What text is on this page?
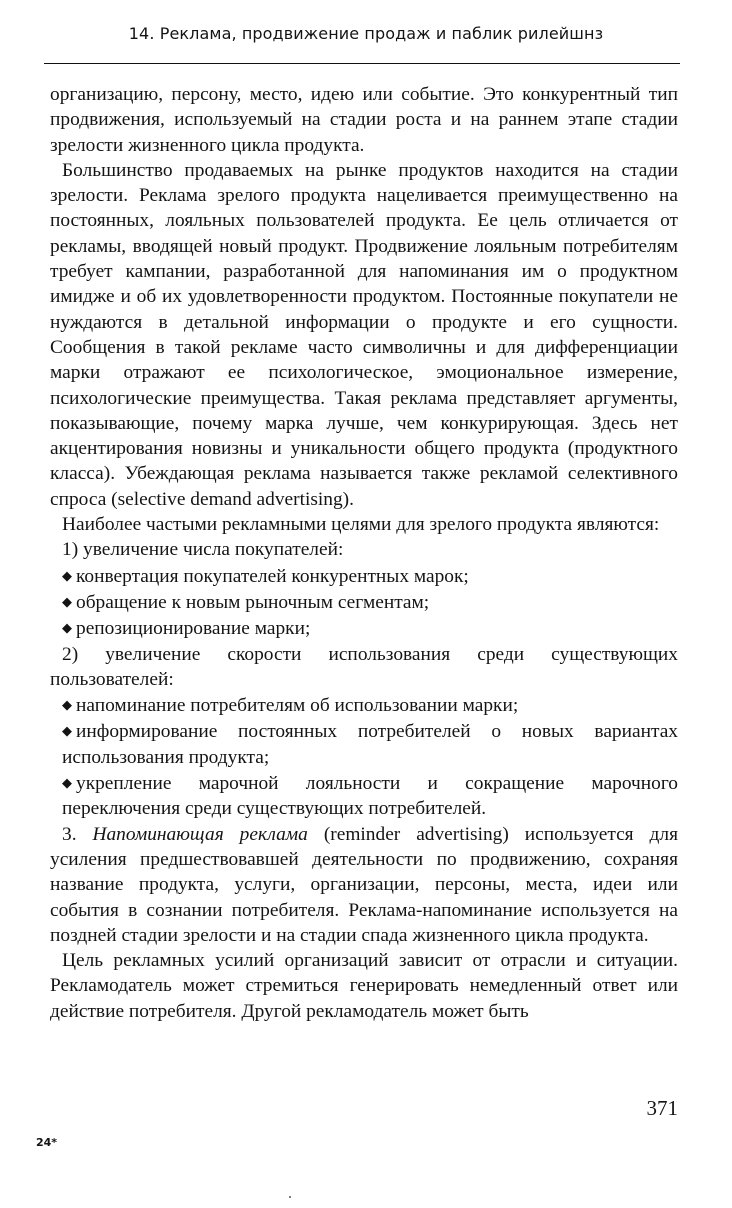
14. Реклама, продвижение продаж и паблик рилейшнз

организацию, персону, место, идею или событие. Это конкурентный тип продвижения, используемый на стадии роста и на раннем этапе стадии зрелости жизненного цикла продукта.

Большинство продаваемых на рынке продуктов находится на стадии зрелости. Реклама зрелого продукта нацеливается преимущественно на постоянных, лояльных пользователей продукта. Ее цель отличается от рекламы, вводящей новый продукт. Продвижение лояльным потребителям требует кампании, разработанной для напоминания им о продуктном имидже и об их удовлетворенности продуктом. Постоянные покупатели не нуждаются в детальной информации о продукте и его сущности. Сообщения в такой рекламе часто символичны и для дифференциации марки отражают ее психологическое, эмоциональное измерение, психологические преимущества. Такая реклама представляет аргументы, показывающие, почему марка лучше, чем конкурирующая. Здесь нет акцентирования новизны и уникальности общего продукта (продуктного класса). Убеждающая реклама называется также рекламой селективного спроса (selective demand advertising).

Наиболее частыми рекламными целями для зрелого продукта являются:

1) увеличение числа покупателей:

◆ конвертация покупателей конкурентных марок;

◆ обращение к новым рыночным сегментам;

◆ репозиционирование марки;

2) увеличение скорости использования среди существующих пользователей:

◆ напоминание потребителям об использовании марки;

◆ информирование постоянных потребителей о новых вариантах использования продукта;

◆ укрепление марочной лояльности и сокращение марочного переключения среди существующих потребителей.

3. Напоминающая реклама (reminder advertising) используется для усиления предшествовавшей деятельности по продвижению, сохраняя название продукта, услуги, организации, персоны, места, идеи или события в сознании потребителя. Реклама-напоминание используется на поздней стадии зрелости и на стадии спада жизненного цикла продукта.

Цель рекламных усилий организаций зависит от отрасли и ситуации. Рекламодатель может стремиться генерировать немедленный ответ или действие потребителя. Другой рекламодатель может быть

371
24*
